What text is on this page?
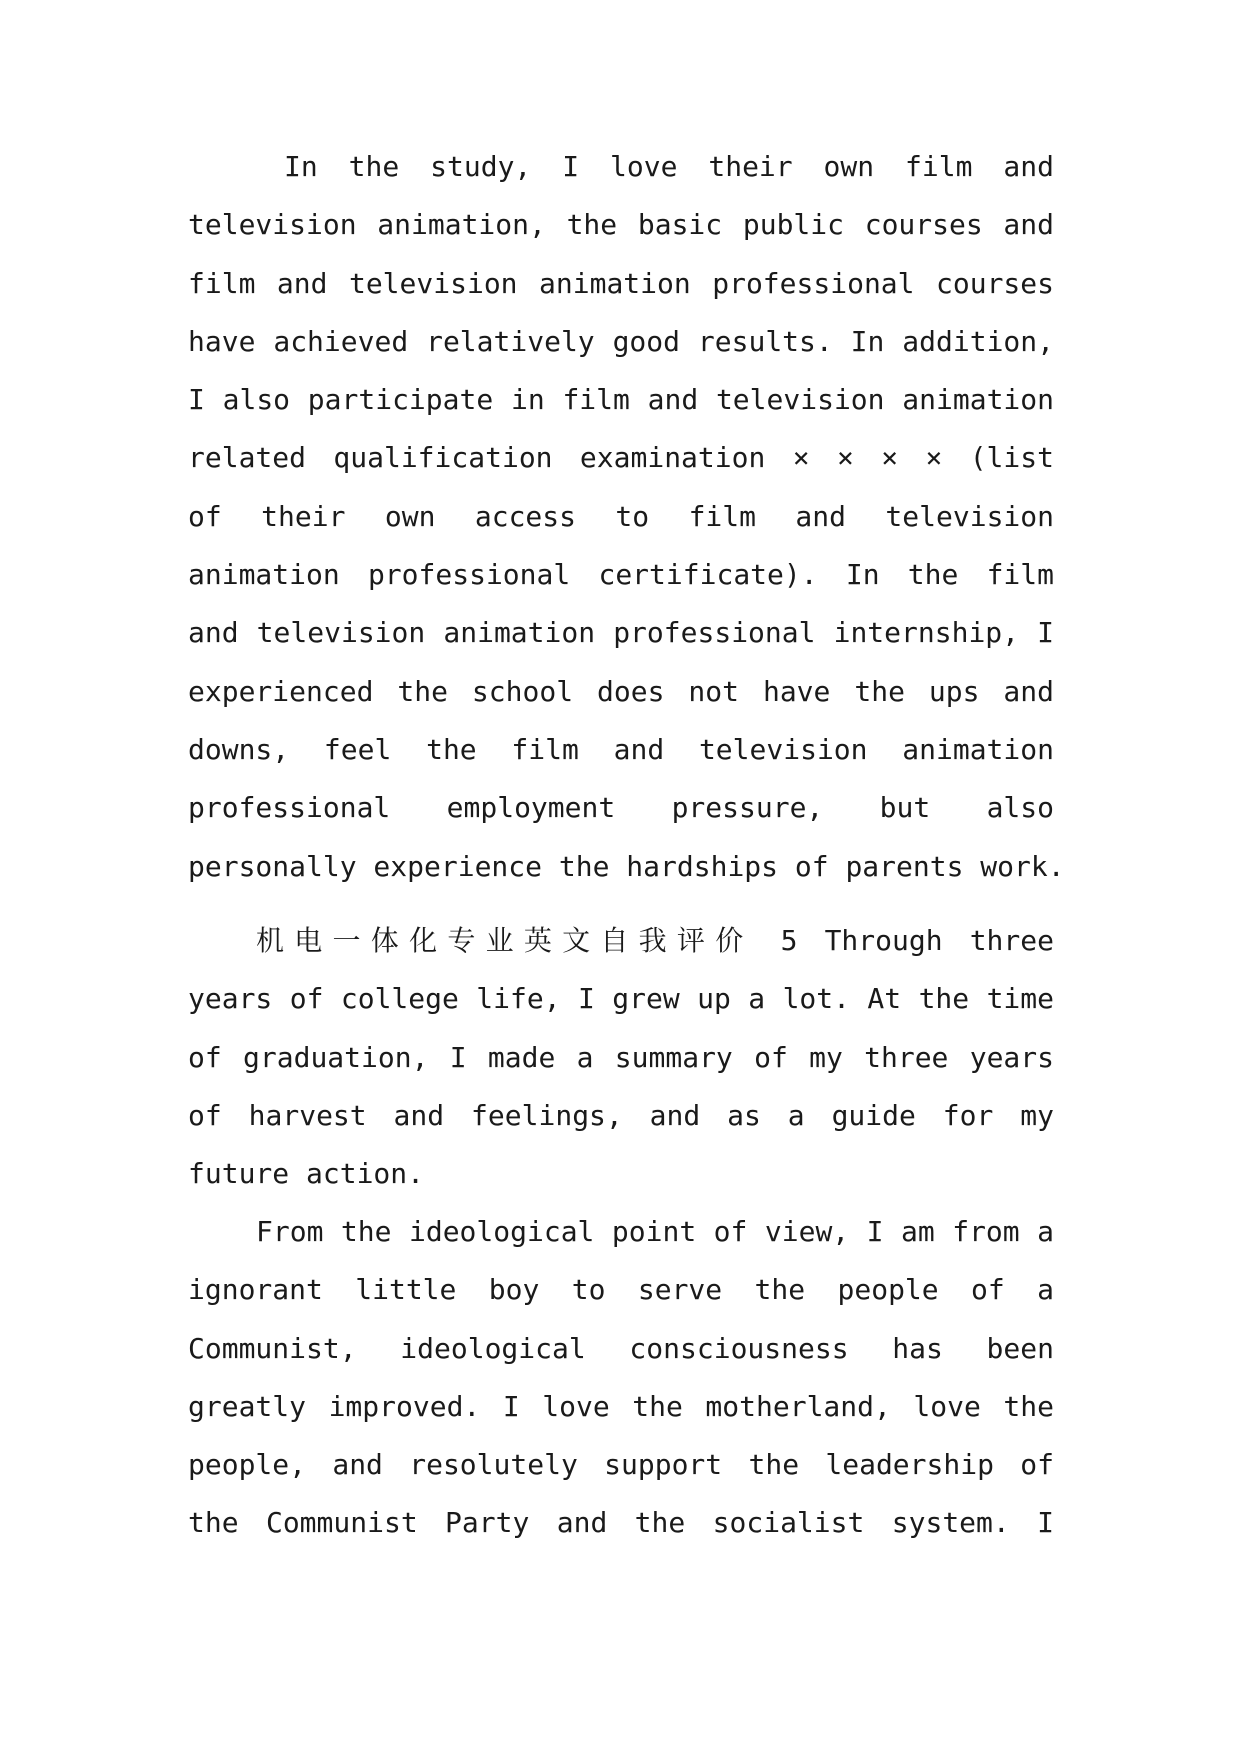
In the study, I love their own film and
television animation, the basic public courses and
film and television animation professional courses
have achieved relatively good results. In addition,
I also participate in film and television animation
related qualification examination × × × × (list
of their own access to film and television
animation professional certificate). In the film
and television animation professional internship, I
experienced the school does not have the ups and
downs, feel the film and television animation
professional employment pressure, but also
personally experience the hardships of parents work.

机电一体化专业英文自我评价 5 Through three
years of college life, I grew up a lot. At the time
of graduation, I made a summary of my three years
of harvest and feelings, and as a guide for my
future action.

From the ideological point of view, I am from a
ignorant little boy to serve the people of a
Communist, ideological consciousness has been
greatly improved. I love the motherland, love the
people, and resolutely support the leadership of
the Communist Party and the socialist system. I
